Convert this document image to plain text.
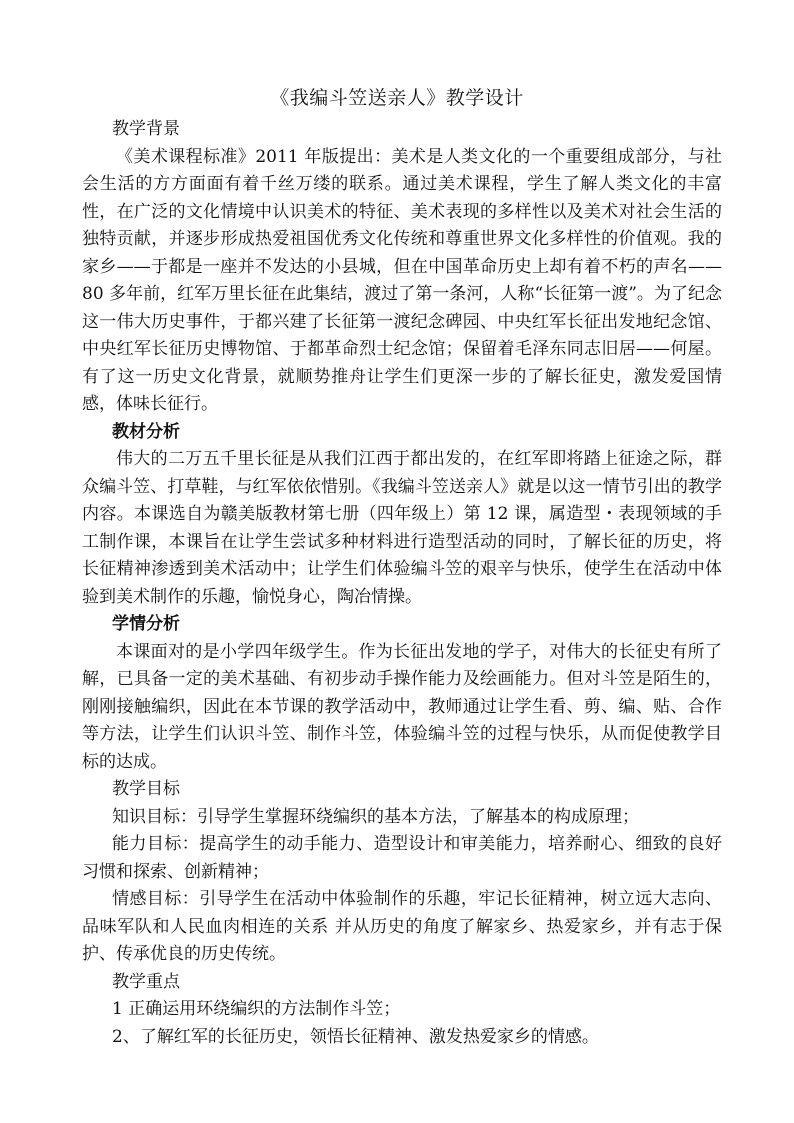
《我编斗笠送亲人》教学设计

教学背景

《美术课程标准》2011 年版提出：美术是人类文化的一个重要组成部分，与社会生活的方方面面有着千丝万缕的联系。通过美术课程，学生了解人类文化的丰富性，在广泛的文化情境中认识美术的特征、美术表现的多样性以及美术对社会生活的独特贡献，并逐步形成热爱祖国优秀文化传统和尊重世界文化多样性的价值观。我的家乡——于都是一座并不发达的小县城，但在中国革命历史上却有着不朽的声名——80 多年前，红军万里长征在此集结，渡过了第一条河，人称“长征第一渡”。为了纪念这一伟大历史事件，于都兴建了长征第一渡纪念碑园、中央红军长征出发地纪念馆、中央红军长征历史博物馆、于都革命烈士纪念馆；保留着毛泽东同志旧居——何屋。有了这一历史文化背景，就顺势推舟让学生们更深一步的了解长征史，激发爱国情感，体味长征行。

教材分析

伟大的二万五千里长征是从我们江西于都出发的，在红军即将踏上征途之际，群众编斗笠、打草鞋，与红军依依惜别。《我编斗笠送亲人》就是以这一情节引出的教学内容。本课选自为赣美版教材第七册（四年级上）第 12 课，属造型・表现领域的手工制作课，本课旨在让学生尝试多种材料进行造型活动的同时，了解长征的历史，将长征精神渗透到美术活动中；让学生们体验编斗笠的艰辛与快乐，使学生在活动中体验到美术制作的乐趣，愉悦身心，陶冶情操。

学情分析

本课面对的是小学四年级学生。作为长征出发地的学子，对伟大的长征史有所了解，已具备一定的美术基础、有初步动手操作能力及绘画能力。但对斗笠是陌生的，刚刚接触编织，因此在本节课的教学活动中，教师通过让学生看、剪、编、贴、合作等方法，让学生们认识斗笠、制作斗笠，体验编斗笠的过程与快乐，从而促使教学目标的达成。

教学目标

知识目标：引导学生掌握环绕编织的基本方法，了解基本的构成原理；

能力目标：提高学生的动手能力、造型设计和审美能力，培养耐心、细致的良好习惯和探索、创新精神；

情感目标：引导学生在活动中体验制作的乐趣，牢记长征精神，树立远大志向、品味军队和人民血肉相连的关系 并从历史的角度了解家乡、热爱家乡，并有志于保护、传承优良的历史传统。

教学重点

1 正确运用环绕编织的方法制作斗笠；

2、了解红军的长征历史，领悟长征精神、激发热爱家乡的情感。
